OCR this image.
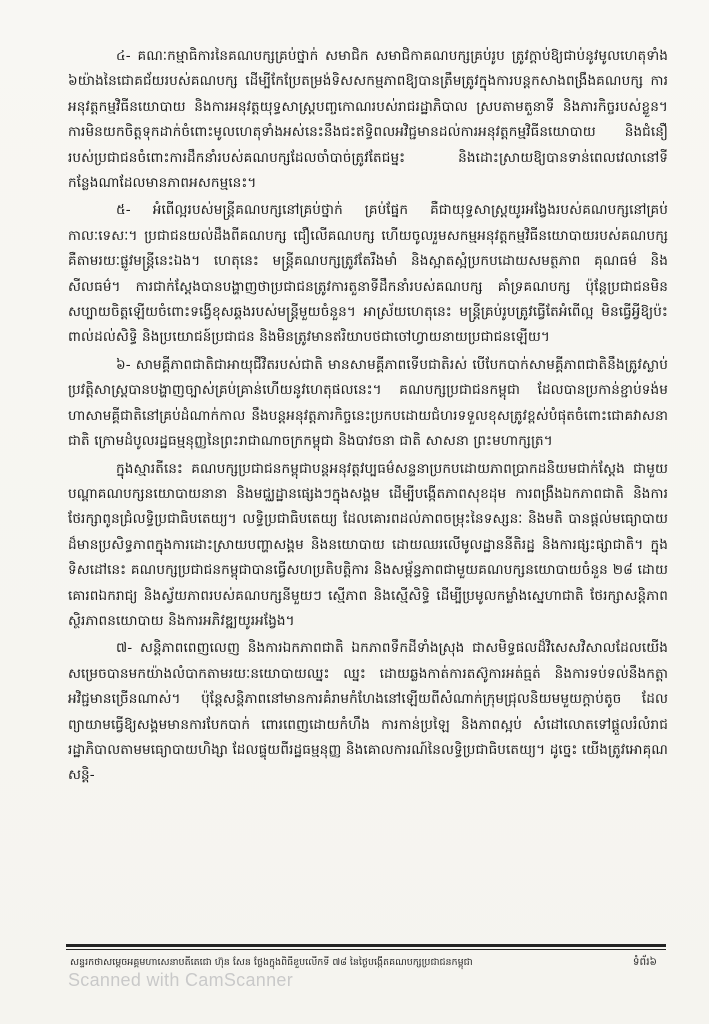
៤- គណៈកម្មាធិការនៃគណបក្សគ្រប់ថ្នាក់ សមាជិក សមាជិកាគណបក្សគ្រប់រូប ត្រូវក្ដាប់ឱ្យជាប់នូវមូលហេតុទាំង ៦យ៉ាងនៃជោគជ័យរបស់គណបក្ស ដើម្បីកែប្រែតម្រង់ទិសសកម្មភាពឱ្យបានត្រឹមត្រូវក្នុងការបន្តកសាងពង្រឹងគណបក្ស ការអនុវត្តកម្មវិធីនយោបាយ និងការអនុវត្តយុទ្ធសាស្ត្របញ្ចកោណរបស់រាជរដ្ឋាភិបាល ស្របតាមតួនាទី និងភារកិច្ចរបស់ខ្លួន។ ការមិនយកចិត្តទុកដាក់ចំពោះមូលហេតុទាំងអស់នេះនឹងជះឥទ្ធិពលអវិជ្ជមានដល់ការអនុវត្តកម្មវិធីនយោបាយ និងជំនឿរបស់ប្រជាជនចំពោះការដឹកនាំរបស់គណបក្សដែលចាំបាច់ត្រូវតែជម្នះ និងដោះស្រាយឱ្យបានទាន់ពេលវេលានៅទីកន្លែងណាដែលមានភាពអសកម្មនេះ។

៥- អំពើល្អរបស់មន្ត្រីគណបក្សនៅគ្រប់ថ្នាក់ គ្រប់ផ្នែក គឺជាយុទ្ធសាស្ត្រយូរអង្វែងរបស់គណបក្សនៅគ្រប់កាលៈទេសៈ។ ប្រជាជនយល់ដឹងពីគណបក្ស ជឿលើគណបក្ស ហើយចូលរួមសកម្មអនុវត្តកម្មវិធីនយោបាយរបស់គណបក្ស គឺតាមរយៈផ្លូវមន្ត្រីនេះឯង។ ហេតុនេះ មន្ត្រីគណបក្សត្រូវតែរឹងមាំ និងស្អាតស្អំប្រកបដោយសមត្ថភាព គុណធម៌ និងសីលធម៌។ ការជាក់ស្ដែងបានបង្ហាញថាប្រជាជនត្រូវការតួនាទីដឹកនាំរបស់គណបក្ស គាំទ្រគណបក្ស ប៉ុន្តែប្រជាជនមិនសប្បាយចិត្តឡើយចំពោះទង្វើខុសឆ្គងរបស់មន្ត្រីមួយចំនួន។ អាស្រ័យហេតុនេះ មន្ត្រីគ្រប់រូបត្រូវធ្វើតែអំពើល្អ មិនធ្វើអ្វីឱ្យប៉ះពាល់ដល់សិទ្ធិ និងប្រយោជន៍ប្រជាជន និងមិនត្រូវមានឥរិយាបថជាចៅហ្វាយនាយប្រជាជនឡើយ។

៦- សាមគ្គីភាពជាតិជាអាយុជីវិតរបស់ជាតិ មានសាមគ្គីភាពទើបជាតិរស់ បើបែកបាក់សាមគ្គីភាពជាតិនឹងត្រូវស្លាប់ ប្រវត្តិសាស្ត្របានបង្ហាញច្បាស់គ្រប់គ្រាន់ហើយនូវហេតុផលនេះ។ គណបក្សប្រជាជនកម្ពុជា ដែលបានប្រកាន់ខ្ជាប់ទង់មហាសាមគ្គីជាតិនៅគ្រប់ដំណាក់កាល នឹងបន្តអនុវត្តភារកិច្ចនេះប្រកបដោយជំហរទទួលខុសត្រូវខ្ពស់បំផុតចំពោះជោគវាសនាជាតិ ក្រោមដំបូលរដ្ឋធម្មនុញ្ញនៃព្រះរាជាណាចក្រកម្ពុជា និងបាវចនា ជាតិ សាសនា ព្រះមហាក្សត្រ។

ក្នុងស្មារតីនេះ គណបក្សប្រជាជនកម្ពុជាបន្តអនុវត្តវប្បធម៌សន្ទនាប្រកបដោយភាពប្រាកដនិយមជាក់ស្ដែង ជាមួយបណ្ដាគណបក្សនយោបាយនានា និងមជ្ឈដ្ឋានផ្សេងៗក្នុងសង្គម ដើម្បីបង្កើតភាពសុខដុម ការពង្រឹងឯកភាពជាតិ និងការថែរក្សាពូនជ្រំលទ្ធិប្រជាធិបតេយ្យ។ លទ្ធិប្រជាធិបតេយ្យ ដែលគោរពដល់ភាពចម្រុះនៃទស្សនៈ និងមតិ បានផ្ដល់មធ្យោបាយដ៏មានប្រសិទ្ធភាពក្នុងការដោះស្រាយបញ្ហាសង្គម និងនយោបាយ ដោយឈរលើមូលដ្ឋាននីតិរដ្ឋ និងការផ្សះផ្សាជាតិ។ ក្នុងទិសដៅនេះ គណបក្សប្រជាជនកម្ពុជាបានធ្វើសហប្រតិបត្តិការ និងសម្ព័ន្ធភាពជាមួយគណបក្សនយោបាយចំនួន ២៨ ដោយគោរពឯករាជ្យ និងស្វ័យភាពរបស់គណបក្សនីមួយៗ ស្មើភាព និងស្មើសិទ្ធិ ដើម្បីប្រមូលកម្លាំងស្នេហាជាតិ ថែរក្សាសន្តិភាព ស្ថិរភាពនយោបាយ និងការអភិវឌ្ឍយូរអង្វែង។

៧- សន្តិភាពពេញលេញ និងការឯកភាពជាតិ ឯកភាពទឹកដីទាំងស្រុង ជាសមិទ្ធផលដ៏វិសេសវិសាលដែលយើងសម្រេចបានមកយ៉ាងលំបាកតាមរយៈនយោបាយឈ្នះ ឈ្នះ ដោយឆ្លងកាត់ការតស៊ូការអត់ធ្មត់ និងការទប់ទល់នឹងកត្តាអវិជ្ជមានច្រើនណាស់។ ប៉ុន្តែសន្តិភាពនៅមានការគំរាមកំហែងនៅឡើយពីសំណាក់ក្រុមជ្រុលនិយមមួយក្ដាប់តូច ដែលព្យាយាមធ្វើឱ្យសង្គមមានការបែកបាក់ ពោរពេញដោយកំហឹង ការកាន់ប្រឡៃ និងភាពស្អប់ សំដៅលោតទៅផ្ដួលរំលំរាជរដ្ឋាភិបាលតាមមធ្យោបាយហិង្សា ដែលផ្ទុយពីរដ្ឋធម្មនុញ្ញ និងគោលការណ៍នៃលទ្ធិប្រជាធិបតេយ្យ។ ដូច្នេះ យើងត្រូវអោគុណសន្តិ-

សន្ទរកថាសម្ដេចអគ្គមហាសេនាបតីតេជោ ហ៊ុន សែន ថ្លែងក្នុងពិធីខួបលើកទី ៧៨ នៃថ្ងៃបង្កើតគណបក្សប្រជាជនកម្ពុជា	ទំព័រ៦
Scanned with CamScanner
